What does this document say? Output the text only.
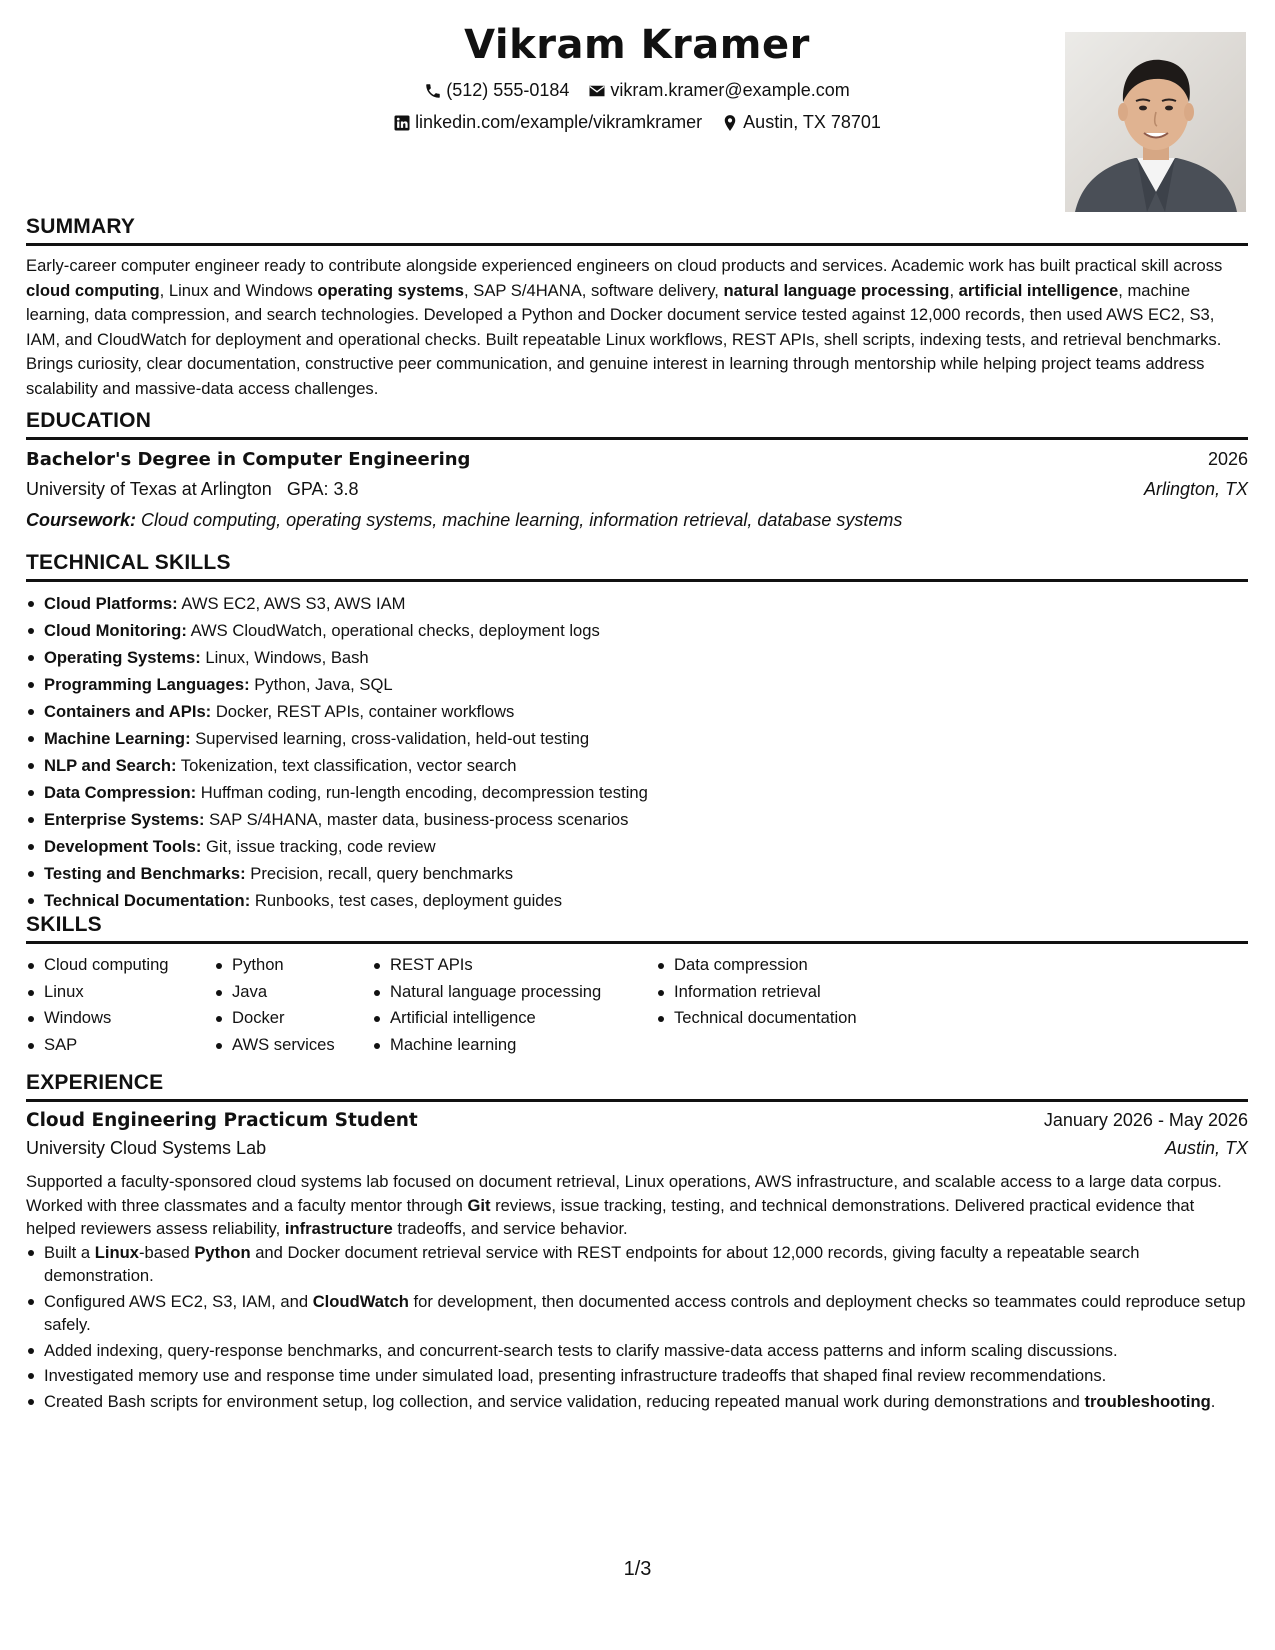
Vikram Kramer
(512) 555-0184
vikram.kramer@example.com
linkedin.com/example/vikramkramer
Austin, TX 78701
SUMMARY

Early-career computer engineer ready to contribute alongside experienced engineers on cloud products and services. Academic work has built practical skill across cloud computing, Linux and Windows operating systems, SAP S/4HANA, software delivery, natural language processing, artificial intelligence, machine learning, data compression, and search technologies. Developed a Python and Docker document service tested against 12,000 records, then used AWS EC2, S3, IAM, and CloudWatch for deployment and operational checks. Built repeatable Linux workflows, REST APIs, shell scripts, indexing tests, and retrieval benchmarks. Brings curiosity, clear documentation, constructive peer communication, and genuine interest in learning through mentorship while helping project teams address scalability and massive-data access challenges.

EDUCATION
Bachelor's Degree in Computer Engineering	2026
University of Texas at Arlington GPA: 3.8	Arlington, TX
Coursework: Cloud computing, operating systems, machine learning, information retrieval, database systems
TECHNICAL SKILLS
Cloud Platforms: AWS EC2, AWS S3, AWS IAM
Cloud Monitoring: AWS CloudWatch, operational checks, deployment logs
Operating Systems: Linux, Windows, Bash
Programming Languages: Python, Java, SQL
Containers and APIs: Docker, REST APIs, container workflows
Machine Learning: Supervised learning, cross-validation, held-out testing
NLP and Search: Tokenization, text classification, vector search
Data Compression: Huffman coding, run-length encoding, decompression testing
Enterprise Systems: SAP S/4HANA, master data, business-process scenarios
Development Tools: Git, issue tracking, code review
Testing and Benchmarks: Precision, recall, query benchmarks
Technical Documentation: Runbooks, test cases, deployment guides
SKILLS
Cloud computing
Linux
Windows
SAP
Python
Java
Docker
AWS services
REST APIs
Natural language processing
Artificial intelligence
Machine learning
Data compression
Information retrieval
Technical documentation
EXPERIENCE
Cloud Engineering Practicum Student	January 2026 - May 2026
University Cloud Systems Lab	Austin, TX

Supported a faculty-sponsored cloud systems lab focused on document retrieval, Linux operations, AWS infrastructure, and scalable access to a large data corpus. Worked with three classmates and a faculty mentor through Git reviews, issue tracking, testing, and technical demonstrations. Delivered practical evidence that helped reviewers assess reliability, infrastructure tradeoffs, and service behavior.

Built a Linux-based Python and Docker document retrieval service with REST endpoints for about 12,000 records, giving faculty a repeatable search demonstration.
Configured AWS EC2, S3, IAM, and CloudWatch for development, then documented access controls and deployment checks so teammates could reproduce setup safely.
Added indexing, query-response benchmarks, and concurrent-search tests to clarify massive-data access patterns and inform scaling discussions.
Investigated memory use and response time under simulated load, presenting infrastructure tradeoffs that shaped final review recommendations.
Created Bash scripts for environment setup, log collection, and service validation, reducing repeated manual work during demonstrations and troubleshooting.
1/3
